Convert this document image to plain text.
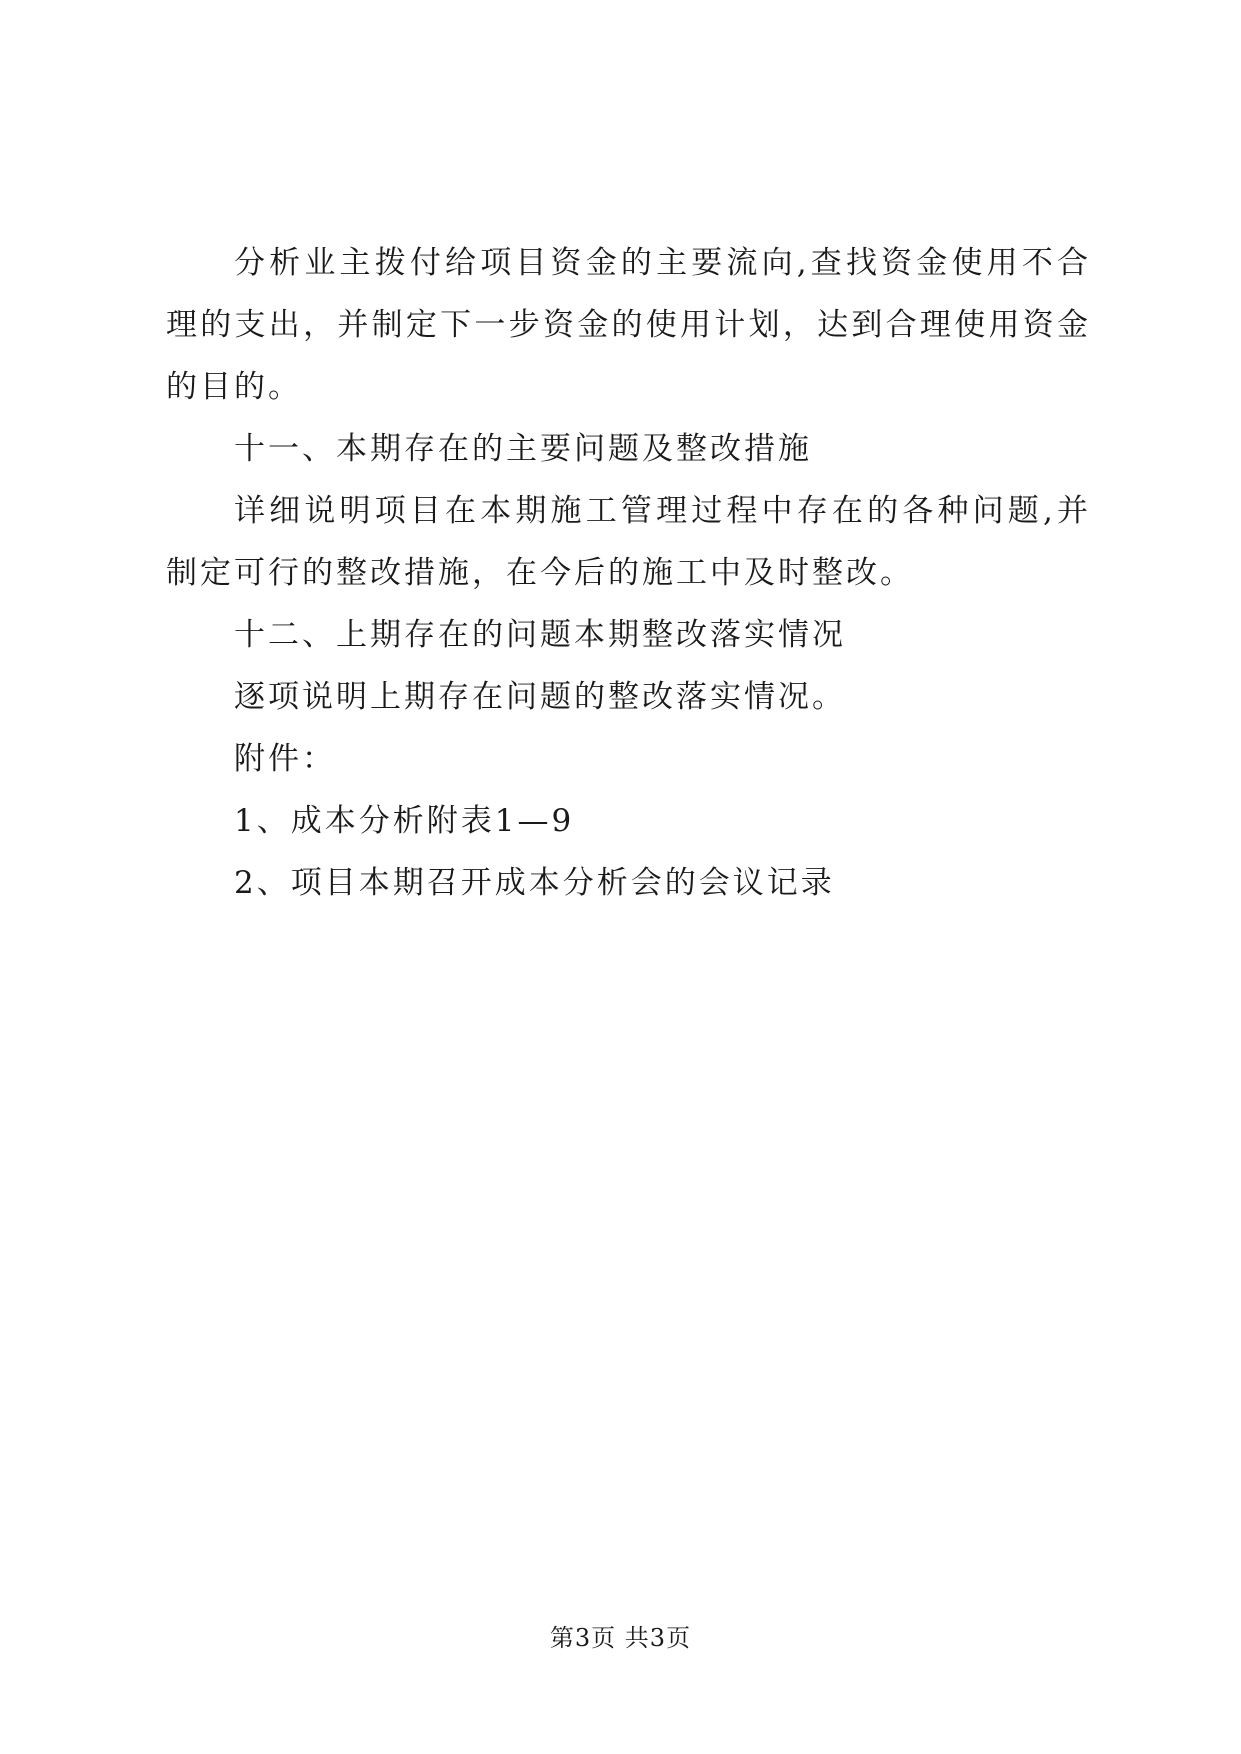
分析业主拨付给项目资金的主要流向,查找资金使用不合理的支出，并制定下一步资金的使用计划，达到合理使用资金的目的。

十一、本期存在的主要问题及整改措施

详细说明项目在本期施工管理过程中存在的各种问题,并制定可行的整改措施，在今后的施工中及时整改。

十二、上期存在的问题本期整改落实情况

逐项说明上期存在问题的整改落实情况。

附件：

1、成本分析附表1—9

2、项目本期召开成本分析会的会议记录

第3页 共3页
